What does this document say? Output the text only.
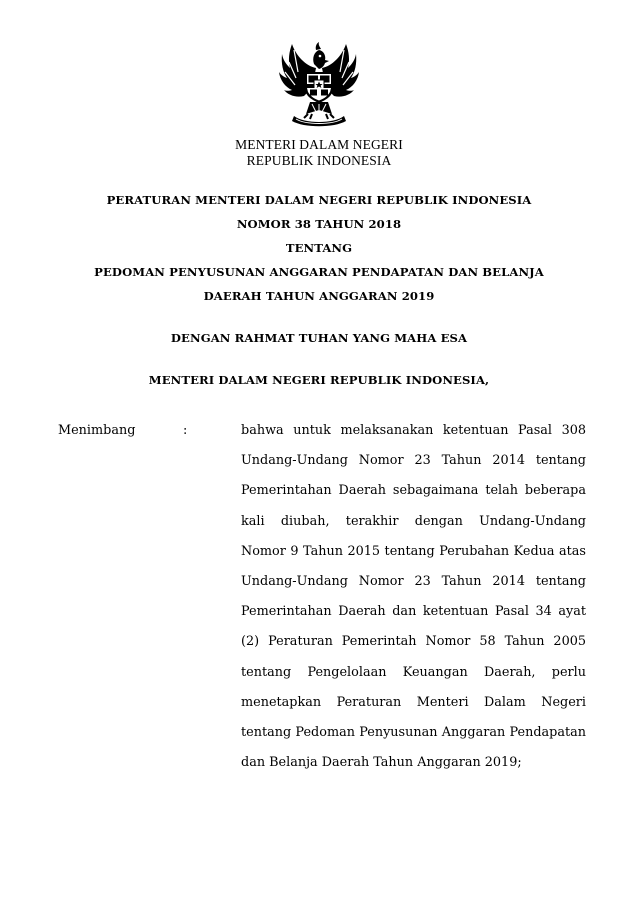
MENTERI DALAM NEGERI
REPUBLIK INDONESIA
PERATURAN MENTERI DALAM NEGERI REPUBLIK INDONESIA
NOMOR 38 TAHUN 2018
TENTANG
PEDOMAN PENYUSUNAN ANGGARAN PENDAPATAN DAN BELANJA
DAERAH TAHUN ANGGARAN 2019
DENGAN RAHMAT TUHAN YANG MAHA ESA
MENTERI DALAM NEGERI REPUBLIK INDONESIA,
Menimbang	:	bahwa untuk melaksanakan ketentuan Pasal 308 Undang-Undang Nomor 23 Tahun 2014 tentang Pemerintahan Daerah sebagaimana telah beberapa kali diubah, terakhir dengan Undang-Undang Nomor 9 Tahun 2015 tentang Perubahan Kedua atas Undang-Undang Nomor 23 Tahun 2014 tentang Pemerintahan Daerah dan ketentuan Pasal 34 ayat (2) Peraturan Pemerintah Nomor 58 Tahun 2005 tentang Pengelolaan Keuangan Daerah, perlu menetapkan Peraturan Menteri Dalam Negeri tentang Pedoman Penyusunan Anggaran Pendapatan dan Belanja Daerah Tahun Anggaran 2019;
